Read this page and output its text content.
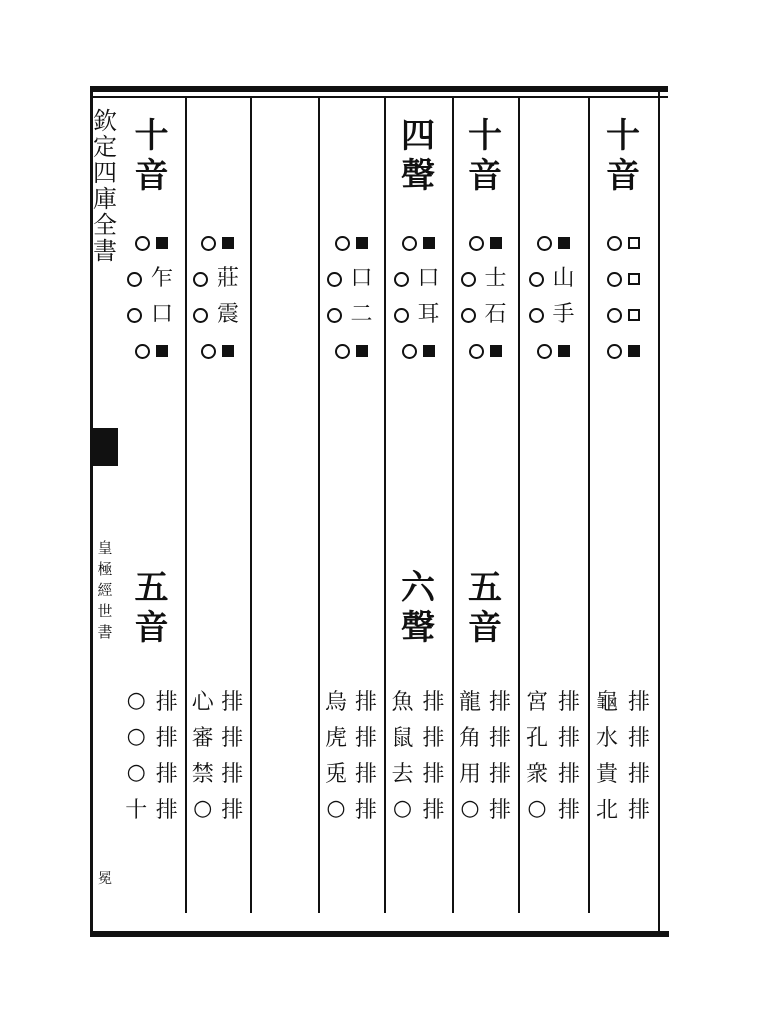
欽定四庫全書
皇極經世書
冕
十
音
龜 排
水 排
貴 排
北 排
山
手
宮 排
孔 排
衆 排
○ 排
十
音
士
石
五
音
龍 排
角 排
用 排
○ 排
四
聲
口
耳
六
聲
魚 排
鼠 排
去 排
○ 排
口
二
烏 排
虎 排
兎 排
○ 排
莊
震
心 排
審 排
禁 排
○ 排
十
音
乍
口
五
音
○ 排
○ 排
○ 排
十 排
